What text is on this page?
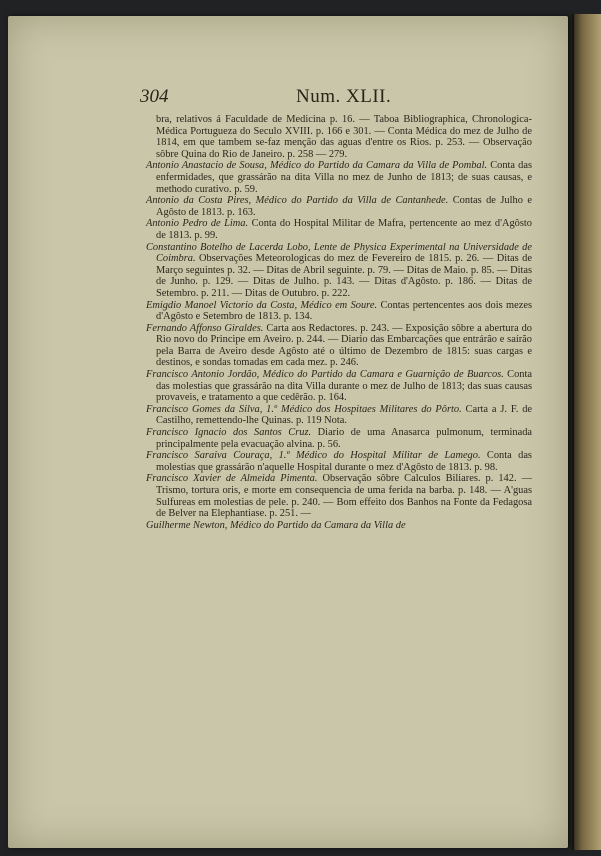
304	Num. XLII.

bra, relativos á Faculdade de Medicina p. 16. — Taboa Bibliographica, Chronologica-Médica Portugueza do Seculo XVIII. p. 166 e 301. — Conta Médica do mez de Julho de 1814, em que tambem se-faz menção das aguas d'entre os Rios. p. 253. — Observação sôbre Quina do Rio de Janeiro. p. 258 — 279.

Antonio Anastacio de Sousa, Médico do Partido da Camara da Villa de Pombal. Conta das enfermidades, que grassárão na dita Villa no mez de Junho de 1813; de suas causas, e methodo curativo. p. 59.

Antonio da Costa Pires, Médico do Partido da Villa de Cantanhede. Contas de Julho e Agôsto de 1813. p. 163.

Antonio Pedro de Lima. Conta do Hospital Militar de Mafra, pertencente ao mez d'Agôsto de 1813. p. 99.

Constantino Botelho de Lacerda Lobo, Lente de Physica Experimental na Universidade de Coimbra. Observações Meteorologicas do mez de Fevereiro de 1815. p. 26. — Ditas de Março seguintes p. 32. — Ditas de Abril seguinte. p. 79. — Ditas de Maio. p. 85. — Ditas de Junho. p. 129. — Ditas de Julho. p. 143. — Ditas d'Agôsto. p. 186. — Ditas de Setembro. p. 211. — Ditas de Outubro. p. 222.

Emigdio Manoel Victorio da Costa, Médico em Soure. Contas pertencentes aos dois mezes d'Agôsto e Setembro de 1813. p. 134.

Fernando Affonso Giraldes. Carta aos Redactores. p. 243. — Exposição sôbre a abertura do Rio novo do Principe em Aveiro. p. 244. — Diario das Embarcações que entrárão e saírão pela Barra de Aveiro desde Agôsto até o último de Dezembro de 1815: suas cargas e destinos, e sondas tomadas em cada mez. p. 246.

Francisco Antonio Jordão, Médico do Partido da Camara e Guarnição de Buarcos. Conta das molestias que grassárão na dita Villa durante o mez de Julho de 1813; das suas causas provaveis, e tratamento a que cedêrão. p. 164.

Francisco Gomes da Silva, 1.º Médico dos Hospitaes Militares do Pôrto. Carta a J. F. de Castilho, remettendo-lhe Quinas. p. 119 Nota.

Francisco Ignacio dos Santos Cruz. Diario de uma Anasarca pulmonum, terminada principalmente pela evacuação alvina. p. 56.

Francisco Saraiva Couraça, 1.º Médico do Hospital Militar de Lamego. Conta das molestias que grassárão n'aquelle Hospital durante o mez d'Agôsto de 1813. p. 98.

Francisco Xavier de Almeida Pimenta. Observação sôbre Calculos Biliares. p. 142. — Trismo, tortura oris, e morte em consequencia de uma ferida na barba. p. 148. — A'guas Sulfureas em molestias de pele. p. 240. — Bom effeito dos Banhos na Fonte da Fedagosa de Belver na Elephantiase. p. 251. —

Guilherme Newton, Médico do Partido da Camara da Villa de
